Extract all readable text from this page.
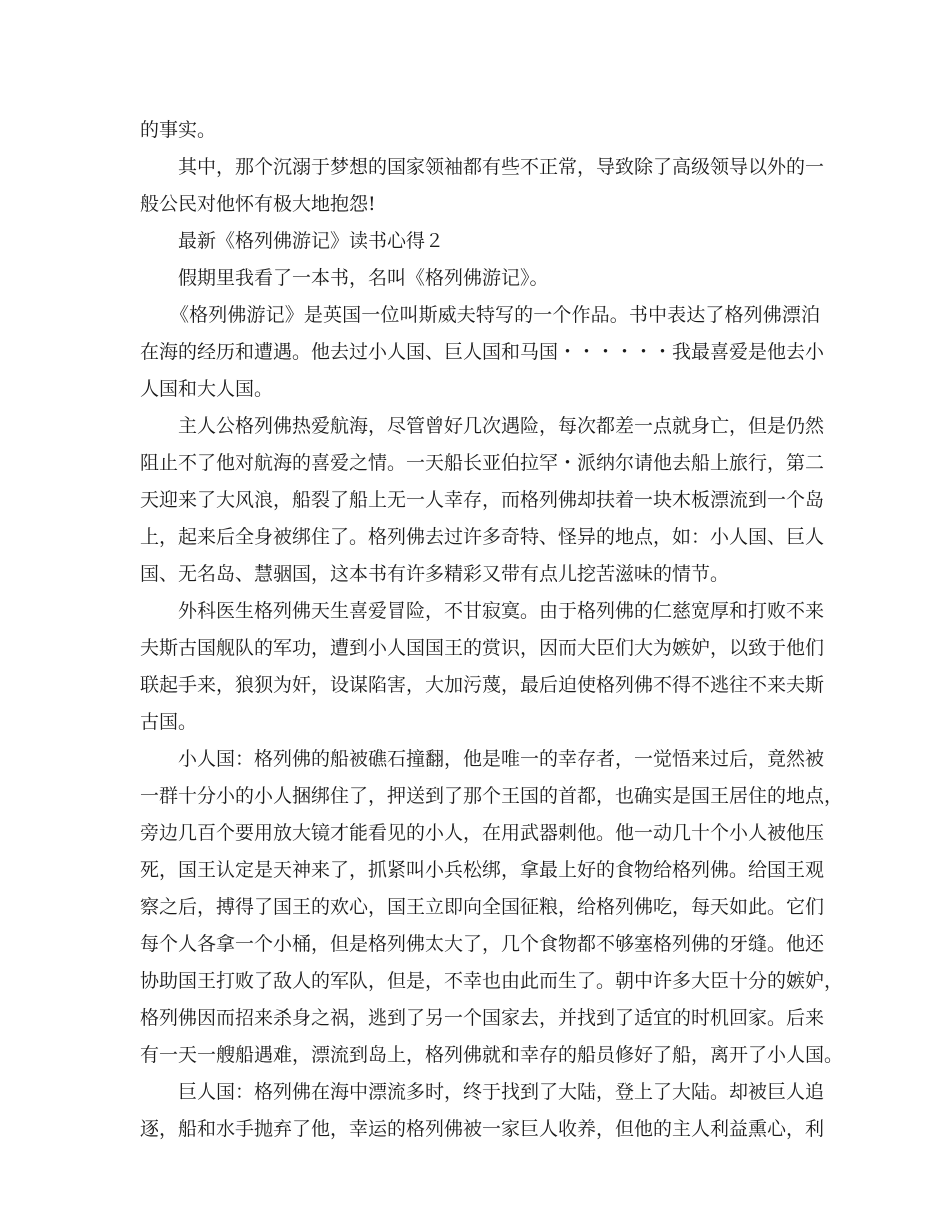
的事实。
其中，那个沉溺于梦想的国家领袖都有些不正常，导致除了高级领导以外的一
般公民对他怀有极大地抱怨!
最新《格列佛游记》读书心得２
假期里我看了一本书，名叫《格列佛游记》。
《格列佛游记》是英国一位叫斯威夫特写的一个作品。书中表达了格列佛漂泊
在海的经历和遭遇。他去过小人国、巨人国和马国・・・・・・我最喜爱是他去小
人国和大人国。
主人公格列佛热爱航海，尽管曾好几次遇险，每次都差一点就身亡，但是仍然
阻止不了他对航海的喜爱之情。一天船长亚伯拉罕・派纳尔请他去船上旅行，第二
天迎来了大风浪，船裂了船上无一人幸存，而格列佛却扶着一块木板漂流到一个岛
上，起来后全身被绑住了。格列佛去过许多奇特、怪异的地点，如：小人国、巨人
国、无名岛、慧骃国，这本书有许多精彩又带有点儿挖苦滋味的情节。
外科医生格列佛天生喜爱冒险，不甘寂寞。由于格列佛的仁慈宽厚和打败不来
夫斯古国舰队的军功，遭到小人国国王的赏识，因而大臣们大为嫉妒，以致于他们
联起手来，狼狈为奸，设谋陷害，大加污蔑，最后迫使格列佛不得不逃往不来夫斯
古国。
小人国：格列佛的船被礁石撞翻，他是唯一的幸存者，一觉悟来过后，竟然被
一群十分小的小人捆绑住了，押送到了那个王国的首都，也确实是国王居住的地点，
旁边几百个要用放大镜才能看见的小人，在用武器刺他。他一动几十个小人被他压
死，国王认定是天神来了，抓紧叫小兵松绑，拿最上好的食物给格列佛。给国王观
察之后，搏得了国王的欢心，国王立即向全国征粮，给格列佛吃，每天如此。它们
每个人各拿一个小桶，但是格列佛太大了，几个食物都不够塞格列佛的牙缝。他还
协助国王打败了敌人的军队，但是，不幸也由此而生了。朝中许多大臣十分的嫉妒，
格列佛因而招来杀身之祸，逃到了另一个国家去，并找到了适宜的时机回家。后来
有一天一艘船遇难，漂流到岛上，格列佛就和幸存的船员修好了船，离开了小人国。
巨人国：格列佛在海中漂流多时，终于找到了大陆，登上了大陆。却被巨人追
逐，船和水手抛弃了他，幸运的格列佛被一家巨人收养，但他的主人利益熏心，利
